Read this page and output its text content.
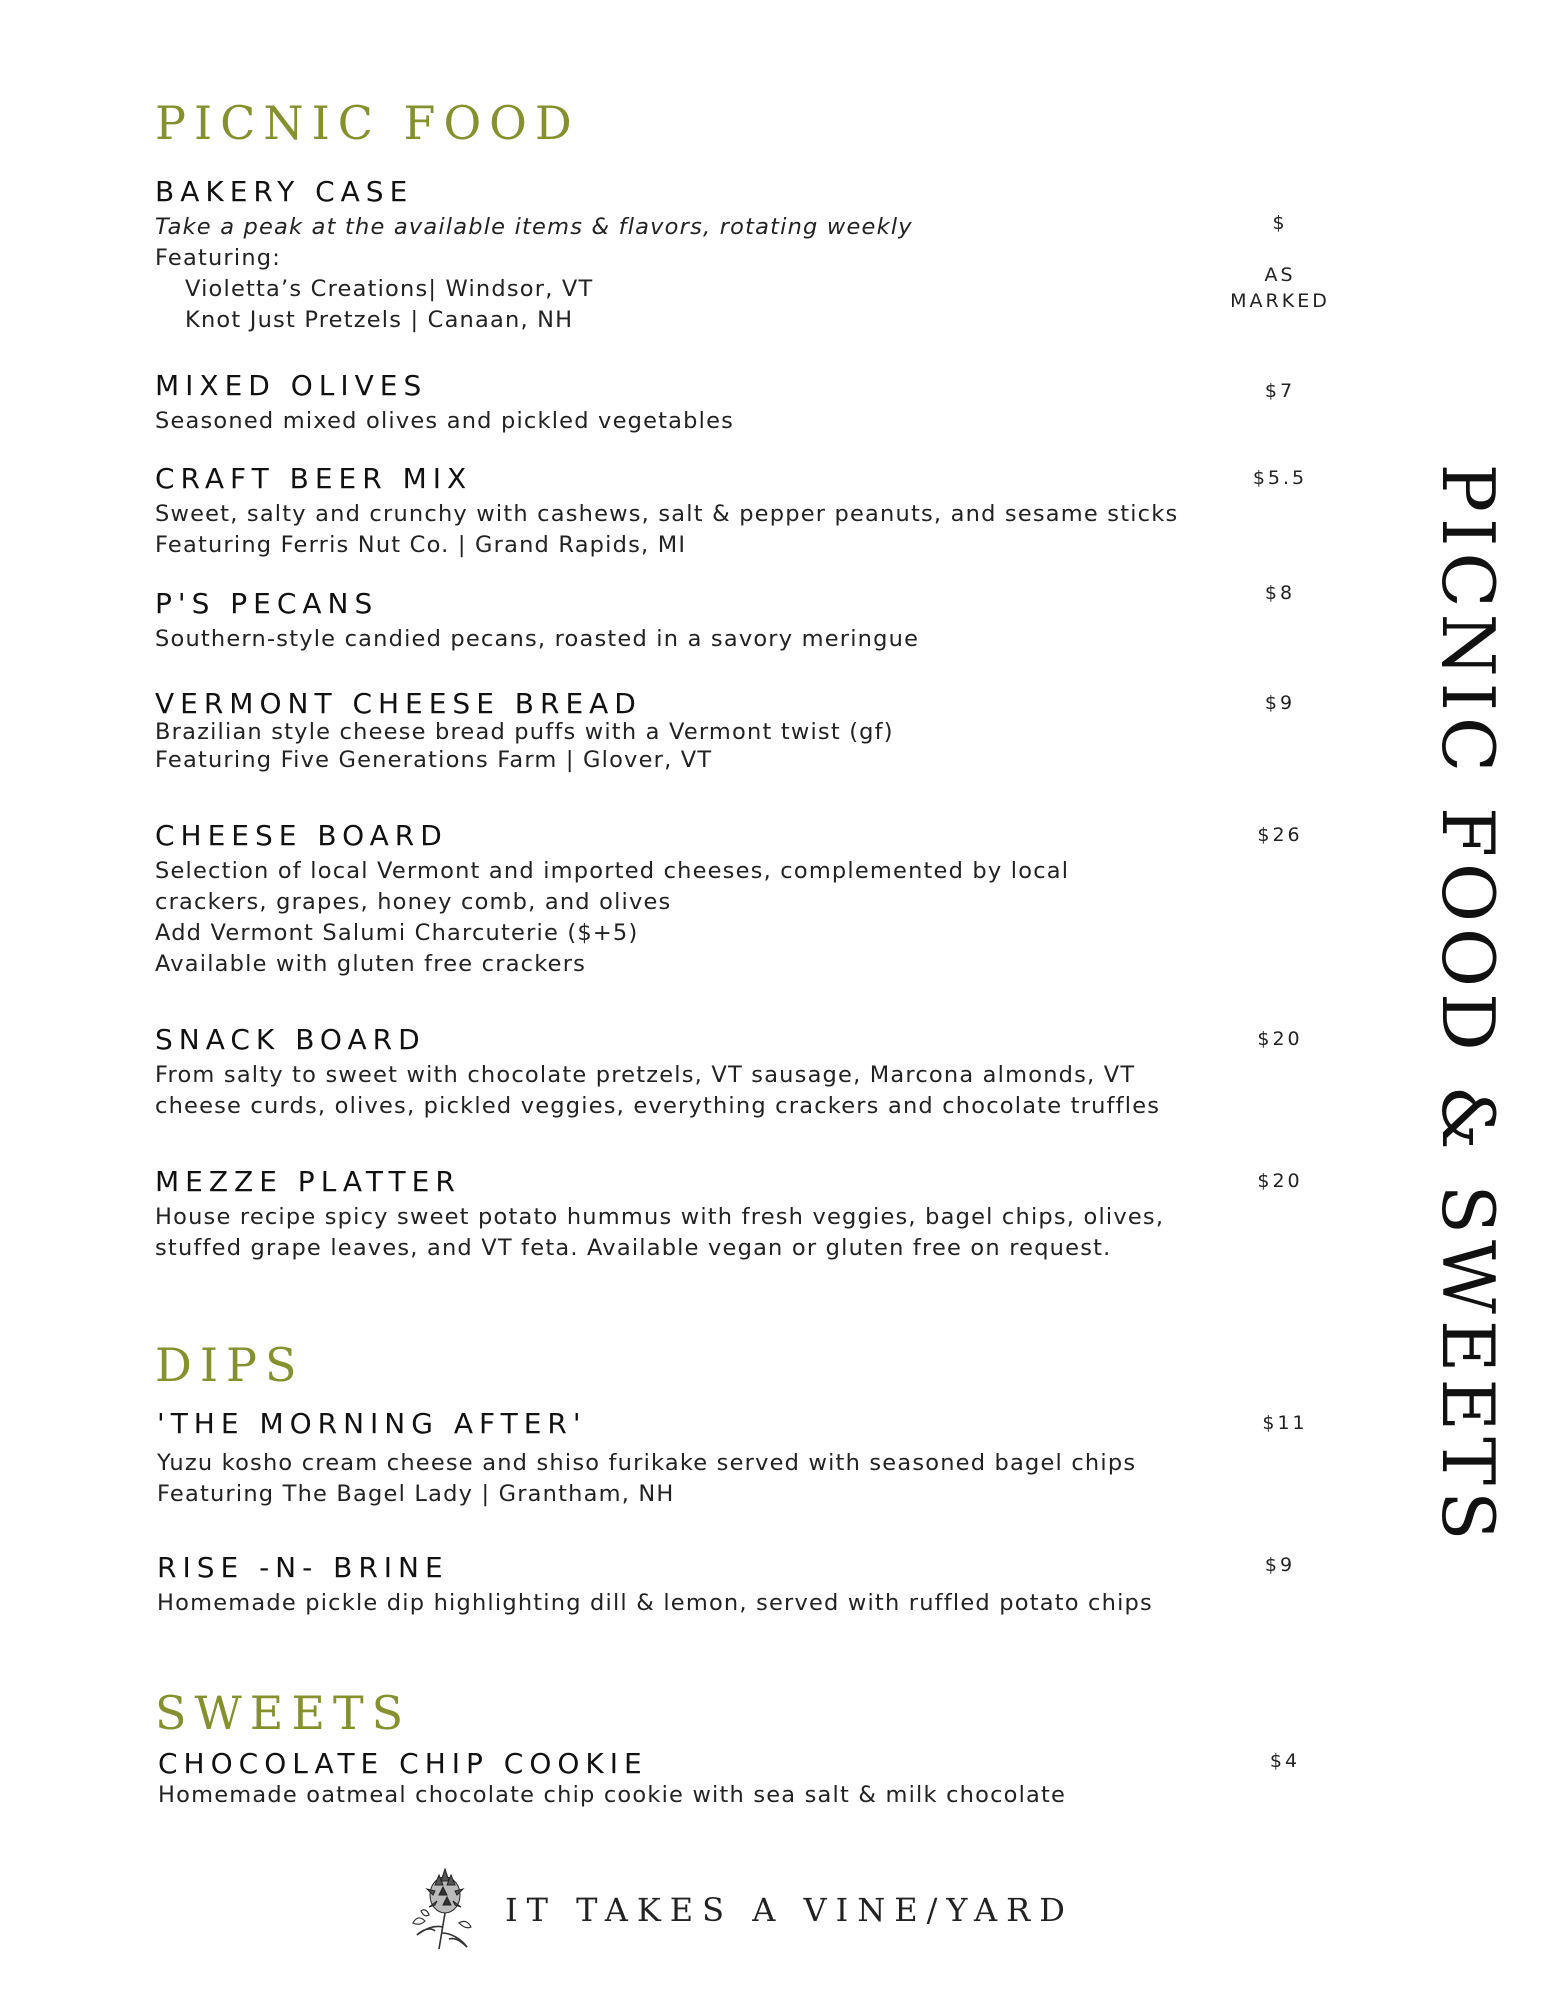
PICNIC FOOD
BAKERY CASE
Take a peak at the available items & flavors, rotating weekly
Featuring:
Violetta’s Creations| Windsor, VT
Knot Just Pretzels | Canaan, NH

$

AS
MARKED

MIXED OLIVES
Seasoned mixed olives and pickled vegetables
$7
CRAFT BEER MIX
Sweet, salty and crunchy with cashews, salt & pepper peanuts, and sesame sticks
Featuring Ferris Nut Co. | Grand Rapids, MI
$5.5
P'S PECANS
Southern-style candied pecans, roasted in a savory meringue
$8
VERMONT CHEESE BREAD
Brazilian style cheese bread puffs with a Vermont twist (gf)
Featuring Five Generations Farm | Glover, VT
$9
CHEESE BOARD
Selection of local Vermont and imported cheeses, complemented by local
crackers, grapes, honey comb, and olives
Add Vermont Salumi Charcuterie ($+5)
Available with gluten free crackers
$26
SNACK BOARD
From salty to sweet with chocolate pretzels, VT sausage, Marcona almonds, VT
cheese curds, olives, pickled veggies, everything crackers and chocolate truffles
$20
MEZZE PLATTER
House recipe spicy sweet potato hummus with fresh veggies, bagel chips, olives,
stuffed grape leaves, and VT feta. Available vegan or gluten free on request.
$20
DIPS
'THE MORNING AFTER'
Yuzu kosho cream cheese and shiso furikake served with seasoned bagel chips
Featuring The Bagel Lady | Grantham, NH
$11
RISE -N- BRINE
Homemade pickle dip highlighting dill & lemon, served with ruffled potato chips
$9
SWEETS
CHOCOLATE CHIP COOKIE
Homemade oatmeal chocolate chip cookie with sea salt & milk chocolate
$4
PICNIC FOOD & SWEETS
IT TAKES A VINE/YARD
